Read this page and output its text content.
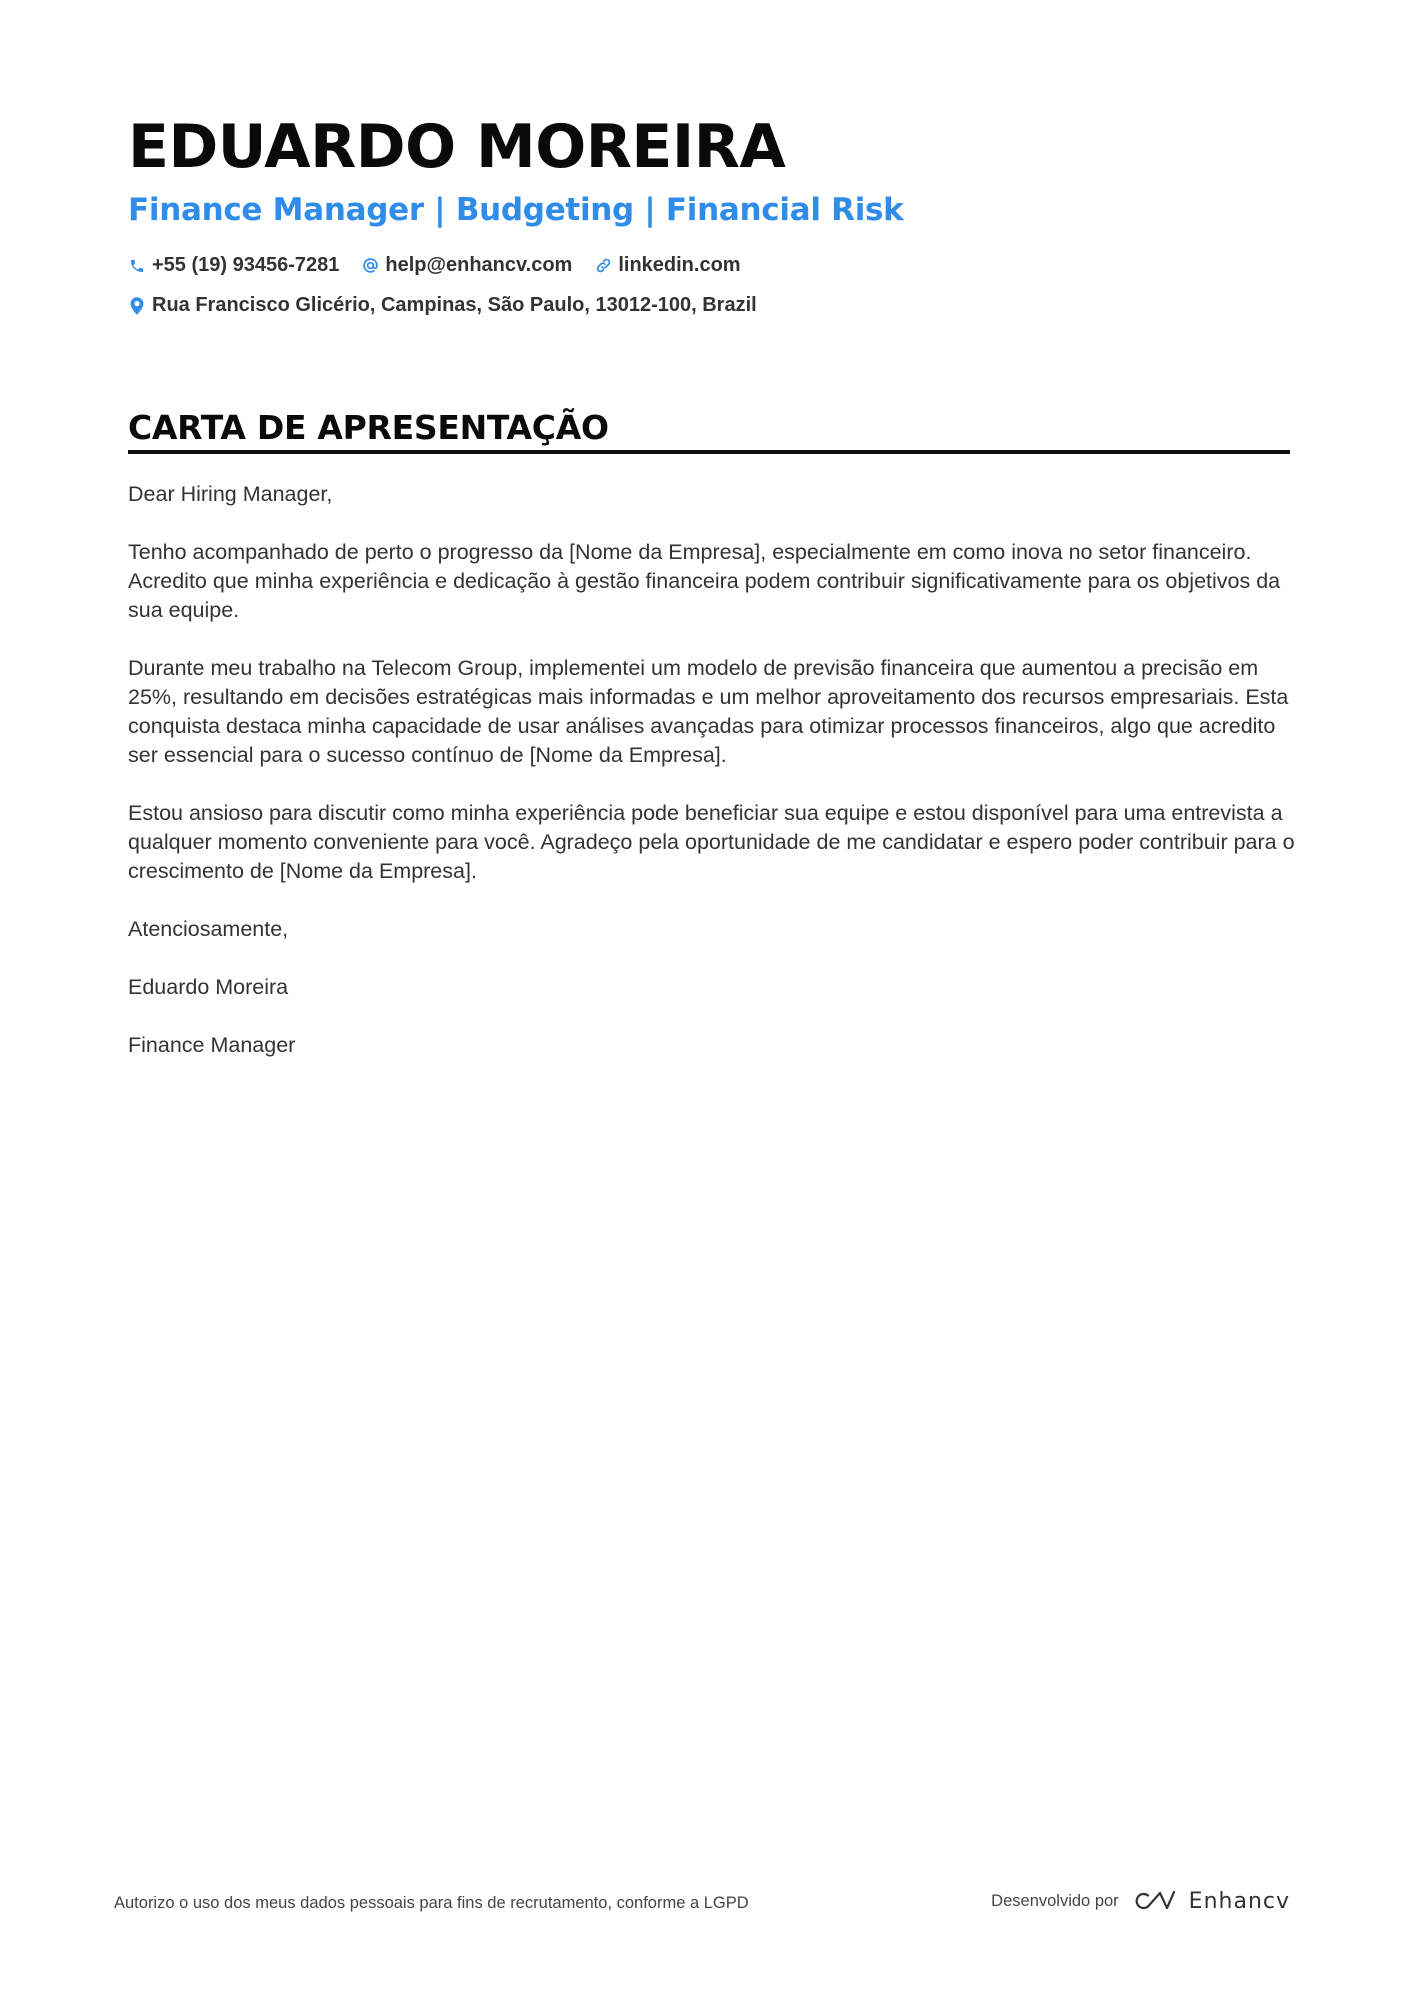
EDUARDO MOREIRA
Finance Manager | Budgeting | Financial Risk
+55 (19) 93456-7281 help@enhancv.com linkedin.com
Rua Francisco Glicério, Campinas, São Paulo, 13012-100, Brazil
CARTA DE APRESENTAÇÃO

Dear Hiring Manager,

Tenho acompanhado de perto o progresso da [Nome da Empresa], especialmente em como inova no setor financeiro. Acredito que minha experiência e dedicação à gestão financeira podem contribuir significativamente para os objetivos da sua equipe.

Durante meu trabalho na Telecom Group, implementei um modelo de previsão financeira que aumentou a precisão em 25%, resultando em decisões estratégicas mais informadas e um melhor aproveitamento dos recursos empresariais. Esta conquista destaca minha capacidade de usar análises avançadas para otimizar processos financeiros, algo que acredito ser essencial para o sucesso contínuo de [Nome da Empresa].

Estou ansioso para discutir como minha experiência pode beneficiar sua equipe e estou disponível para uma entrevista a qualquer momento conveniente para você. Agradeço pela oportunidade de me candidatar e espero poder contribuir para o crescimento de [Nome da Empresa].

Atenciosamente,

Eduardo Moreira

Finance Manager

Autorizo o uso dos meus dados pessoais para fins de recrutamento, conforme a LGPD	Desenvolvido por	Enhancv
